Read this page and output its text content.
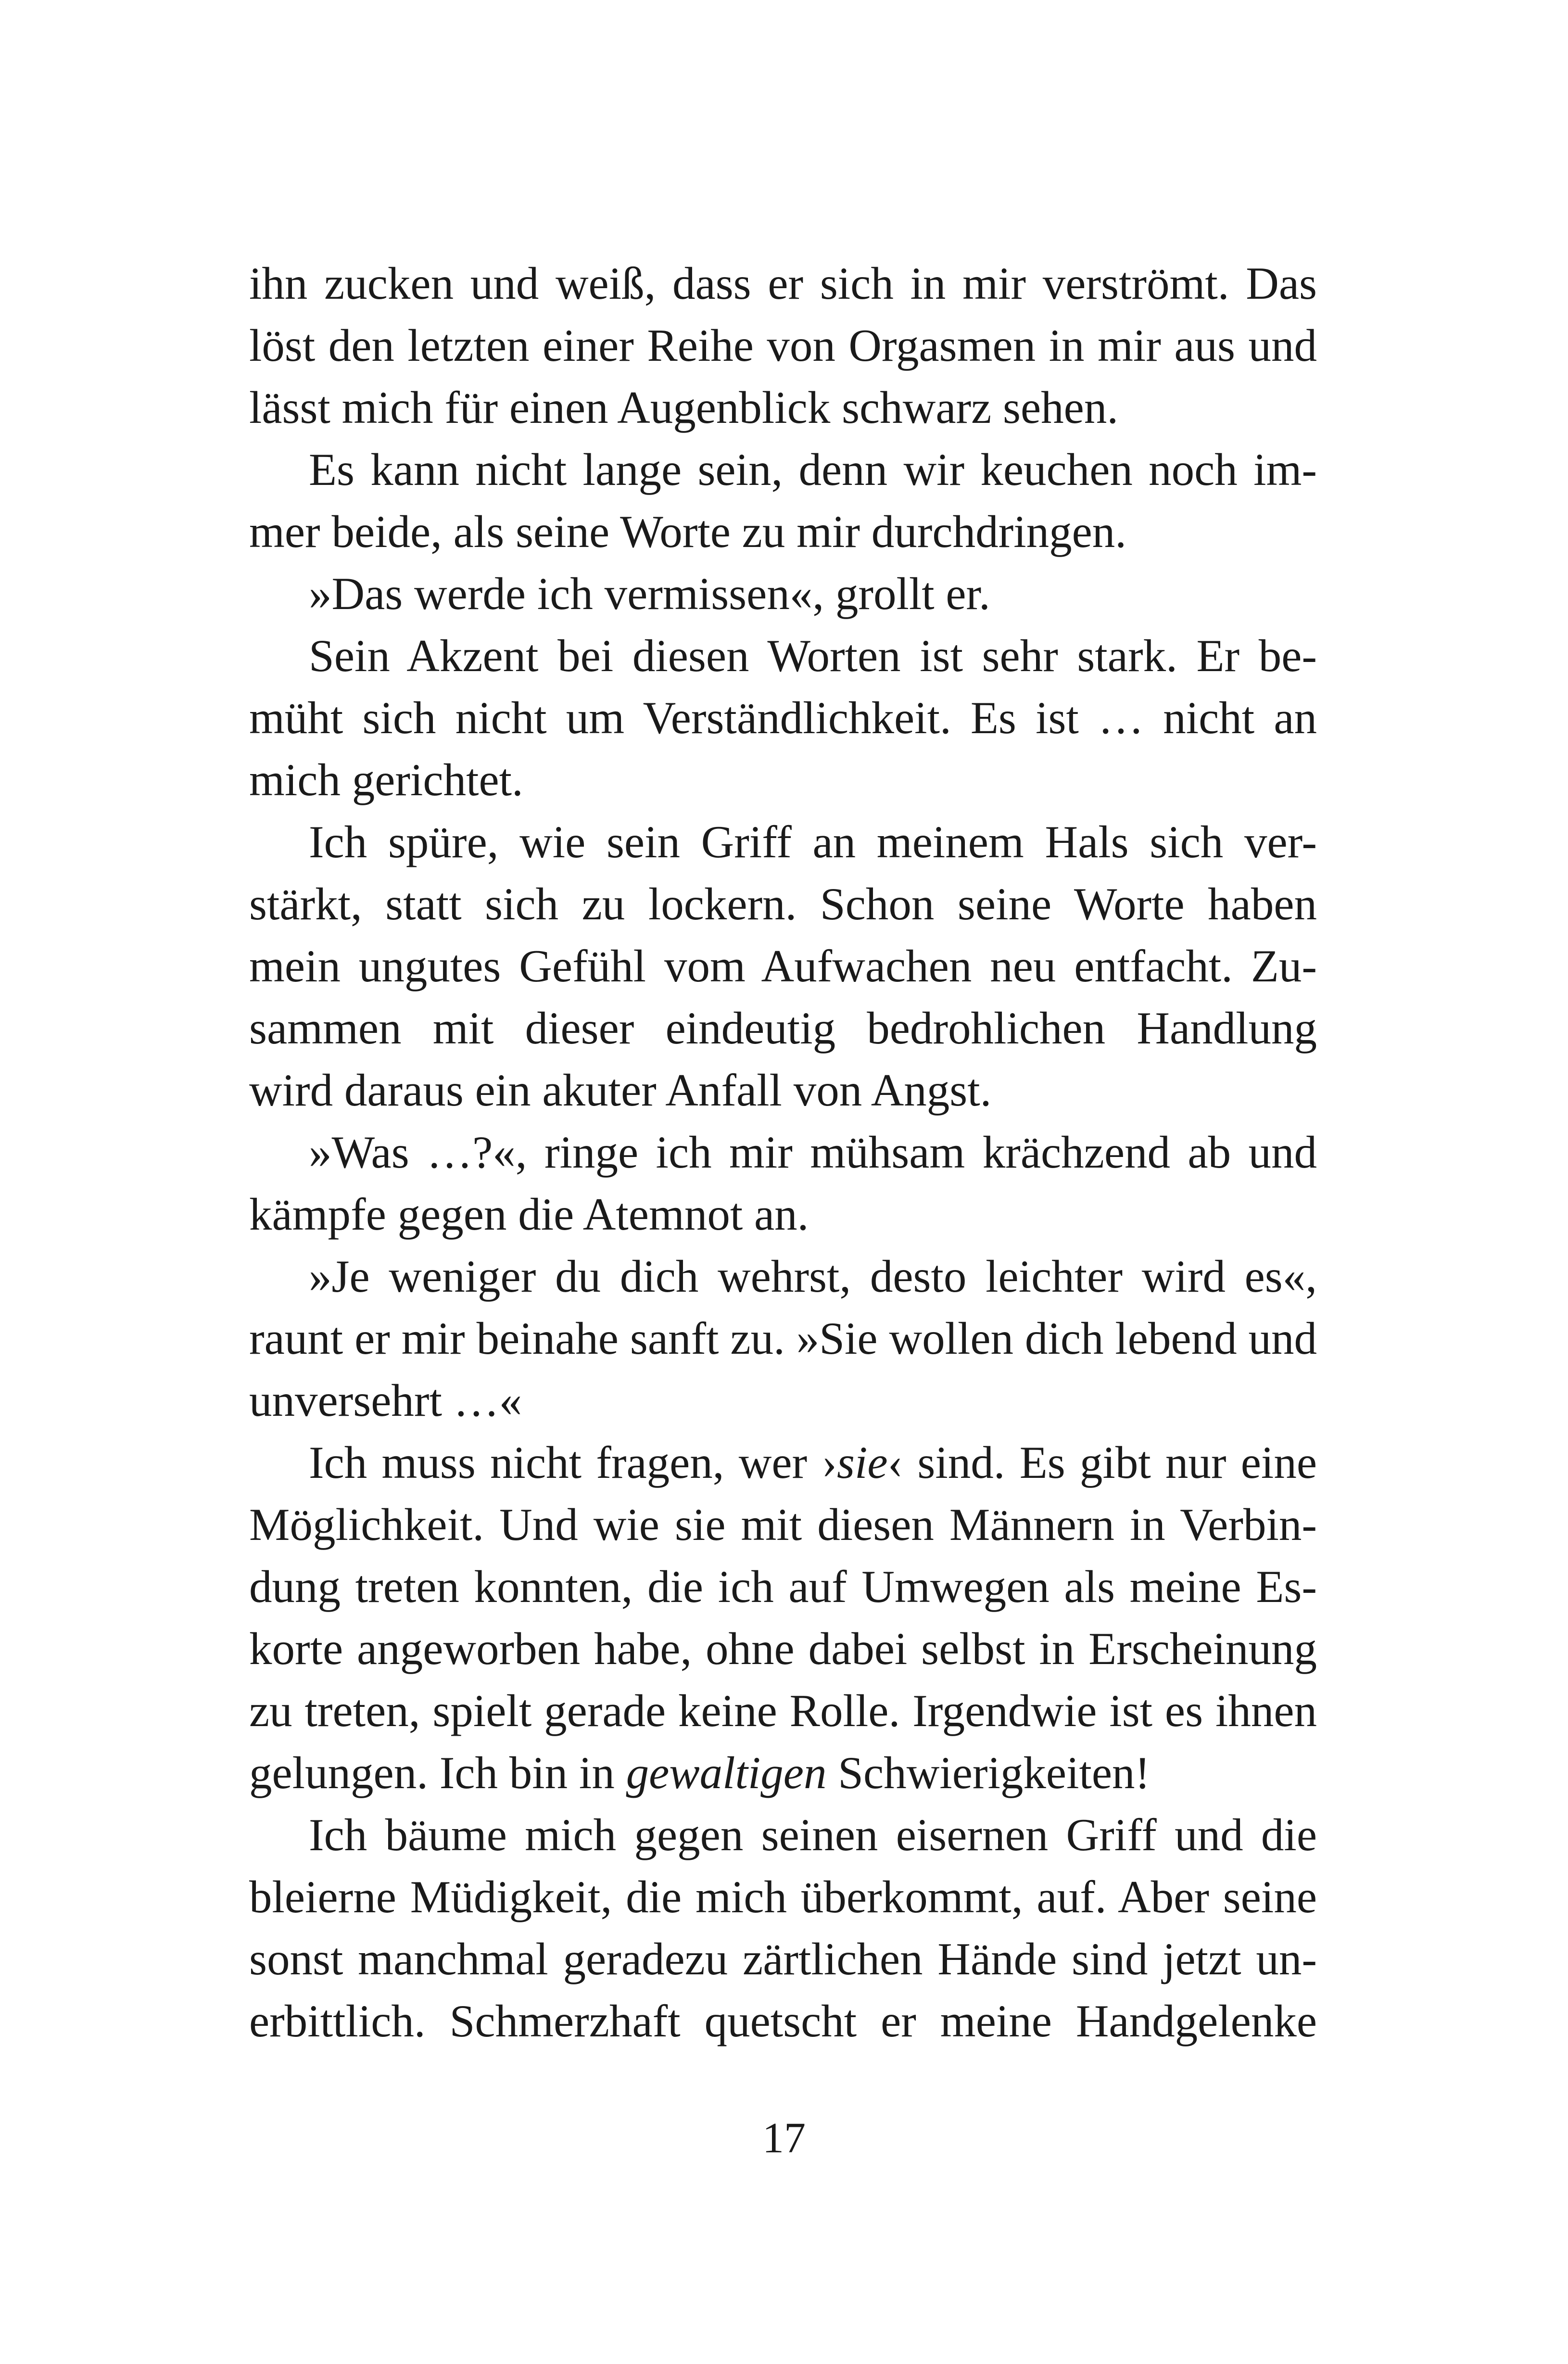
ihn zucken und weiß, dass er sich in mir verströmt. Das
löst den letzten einer Reihe von Orgasmen in mir aus und
lässt mich für einen Augenblick schwarz sehen.
Es kann nicht lange sein, denn wir keuchen noch im-
mer beide, als seine Worte zu mir durchdringen.
»Das werde ich vermissen«, grollt er.
Sein Akzent bei diesen Worten ist sehr stark. Er be-
müht sich nicht um Verständlichkeit. Es ist … nicht an
mich gerichtet.
Ich spüre, wie sein Griff an meinem Hals sich ver-
stärkt, statt sich zu lockern. Schon seine Worte haben
mein ungutes Gefühl vom Aufwachen neu entfacht. Zu-
sammen mit dieser eindeutig bedrohlichen Handlung
wird daraus ein akuter Anfall von Angst.
»Was …?«, ringe ich mir mühsam krächzend ab und
kämpfe gegen die Atemnot an.
»Je weniger du dich wehrst, desto leichter wird es«,
raunt er mir beinahe sanft zu. »Sie wollen dich lebend und
unversehrt …«
Ich muss nicht fragen, wer ›sie‹ sind. Es gibt nur eine
Möglichkeit. Und wie sie mit diesen Männern in Verbin-
dung treten konnten, die ich auf Umwegen als meine Es-
korte angeworben habe, ohne dabei selbst in Erscheinung
zu treten, spielt gerade keine Rolle. Irgendwie ist es ihnen
gelungen. Ich bin in gewaltigen Schwierigkeiten!
Ich bäume mich gegen seinen eisernen Griff und die
bleierne Müdigkeit, die mich überkommt, auf. Aber seine
sonst manchmal geradezu zärtlichen Hände sind jetzt un-
erbittlich. Schmerzhaft quetscht er meine Handgelenke
17
